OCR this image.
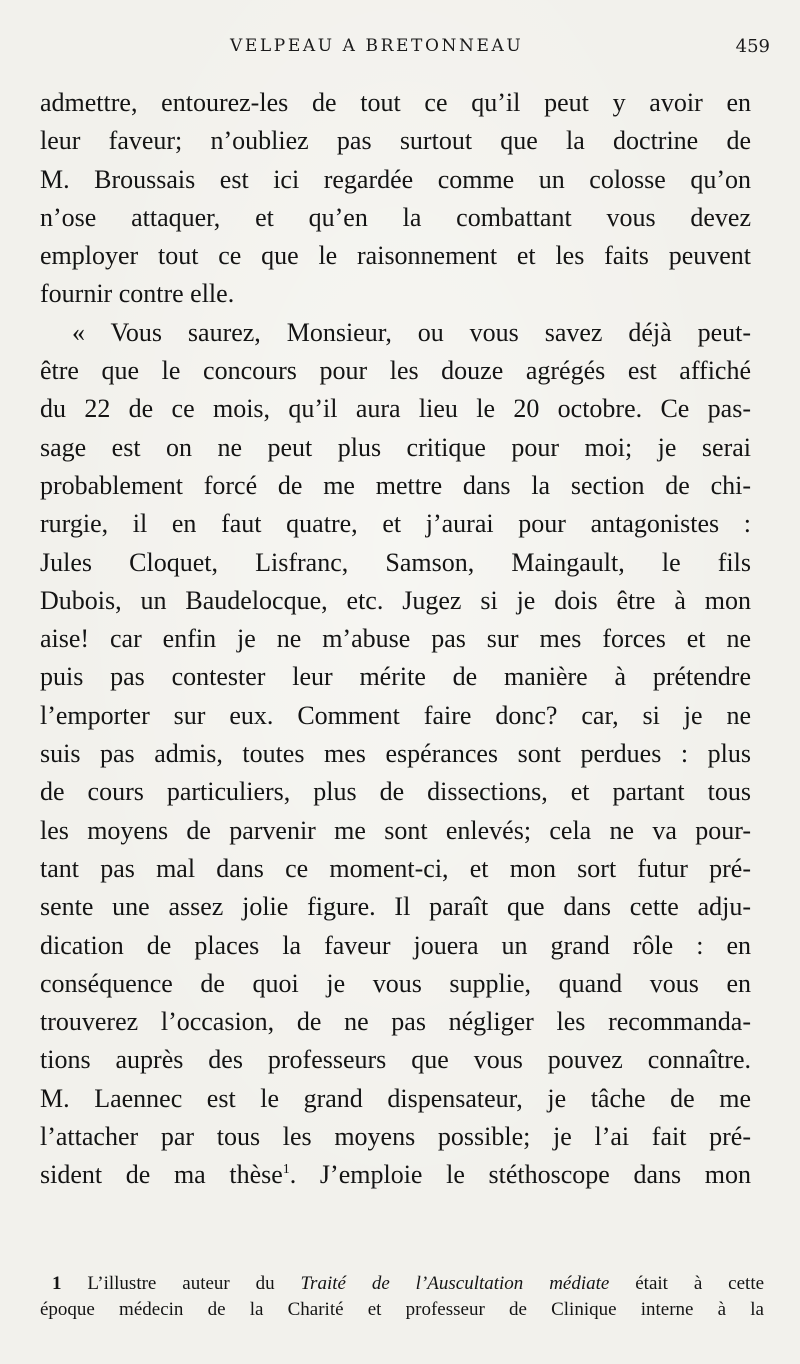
VELPEAU A BRETONNEAU	459
admettre, entourez-les de tout ce qu’il peut y avoir en
leur faveur; n’oubliez pas surtout que la doctrine de
M. Broussais est ici regardée comme un colosse qu’on
n’ose attaquer, et qu’en la combattant vous devez
employer tout ce que le raisonnement et les faits peuvent
fournir contre elle.
« Vous saurez, Monsieur, ou vous savez déjà peut-
être que le concours pour les douze agrégés est affiché
du 22 de ce mois, qu’il aura lieu le 20 octobre. Ce pas-
sage est on ne peut plus critique pour moi; je serai
probablement forcé de me mettre dans la section de chi-
rurgie, il en faut quatre, et j’aurai pour antagonistes :
Jules Cloquet, Lisfranc, Samson, Maingault, le fils
Dubois, un Baudelocque, etc. Jugez si je dois être à mon
aise! car enfin je ne m’abuse pas sur mes forces et ne
puis pas contester leur mérite de manière à prétendre
l’emporter sur eux. Comment faire donc? car, si je ne
suis pas admis, toutes mes espérances sont perdues : plus
de cours particuliers, plus de dissections, et partant tous
les moyens de parvenir me sont enlevés; cela ne va pour-
tant pas mal dans ce moment-ci, et mon sort futur pré-
sente une assez jolie figure. Il paraît que dans cette adju-
dication de places la faveur jouera un grand rôle : en
conséquence de quoi je vous supplie, quand vous en
trouverez l’occasion, de ne pas négliger les recommanda-
tions auprès des professeurs que vous pouvez connaître.
M. Laennec est le grand dispensateur, je tâche de me
l’attacher par tous les moyens possible; je l’ai fait pré-
sident de ma thèse$^1$. J’emploie le stéthoscope dans mon
1 L’illustre auteur du Traité de l’Auscultation médiate était à cette
époque médecin de la Charité et professeur de Clinique interne à la
